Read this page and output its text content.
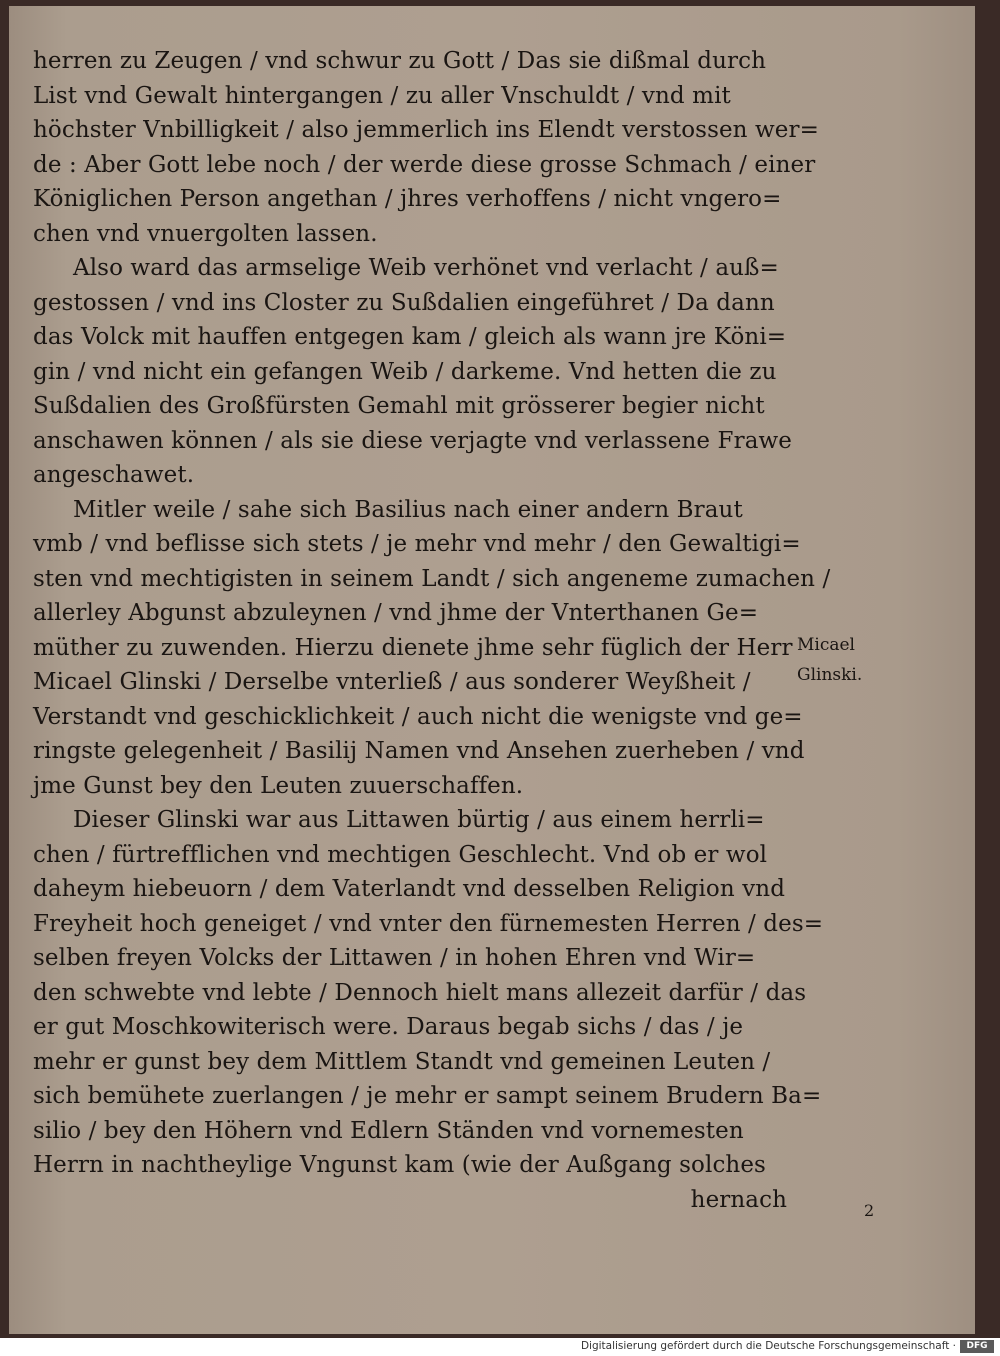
herren zu Zeugen / vnd schwur zu Gott / Das sie dißmal durch
List vnd Gewalt hintergangen / zu aller Vnschuldt / vnd mit
höchster Vnbilligkeit / also jemmerlich ins Elendt verstossen wer=
de : Aber Gott lebe noch / der werde diese grosse Schmach / einer
Königlichen Person angethan / jhres verhoffens / nicht vngero=
chen vnd vnuergolten lassen.
Also ward das armselige Weib verhönet vnd verlacht / auß=
gestossen / vnd ins Closter zu Sußdalien eingeführet / Da dann
das Volck mit hauffen entgegen kam / gleich als wann jre Köni=
gin / vnd nicht ein gefangen Weib / darkeme. Vnd hetten die zu
Sußdalien des Großfürsten Gemahl mit grösserer begier nicht
anschawen können / als sie diese verjagte vnd verlassene Frawe
angeschawet.
Mitler weile / sahe sich Basilius nach einer andern Braut
vmb / vnd beflisse sich stets / je mehr vnd mehr / den Gewaltigi=
sten vnd mechtigisten in seinem Landt / sich angeneme zumachen /
allerley Abgunst abzuleynen / vnd jhme der Vnterthanen Ge=
müther zu zuwenden. Hierzu dienete jhme sehr füglich der Herr
Micael Glinski / Derselbe vnterließ / aus sonderer Weyßheit /
Verstandt vnd geschicklichkeit / auch nicht die wenigste vnd ge=
ringste gelegenheit / Basilij Namen vnd Ansehen zuerheben / vnd
jme Gunst bey den Leuten zuuerschaffen.
Dieser Glinski war aus Littawen bürtig / aus einem herrli=
chen / fürtrefflichen vnd mechtigen Geschlecht. Vnd ob er wol
daheym hiebeuorn / dem Vaterlandt vnd desselben Religion vnd
Freyheit hoch geneiget / vnd vnter den fürnemesten Herren / des=
selben freyen Volcks der Littawen / in hohen Ehren vnd Wir=
den schwebte vnd lebte / Dennoch hielt mans allezeit darfür / das
er gut Moschkowiterisch were. Daraus begab sichs / das / je
mehr er gunst bey dem Mittlem Standt vnd gemeinen Leuten /
sich bemühete zuerlangen / je mehr er sampt seinem Brudern Ba=
silio / bey den Höhern vnd Edlern Ständen vnd vornemesten
Herrn in nachtheylige Vngunst kam (wie der Außgang solches
hernach
Micael
Glinski.
2
Digitalisierung gefördert durch die Deutsche Forschungsgemeinschaft ·	DFG
